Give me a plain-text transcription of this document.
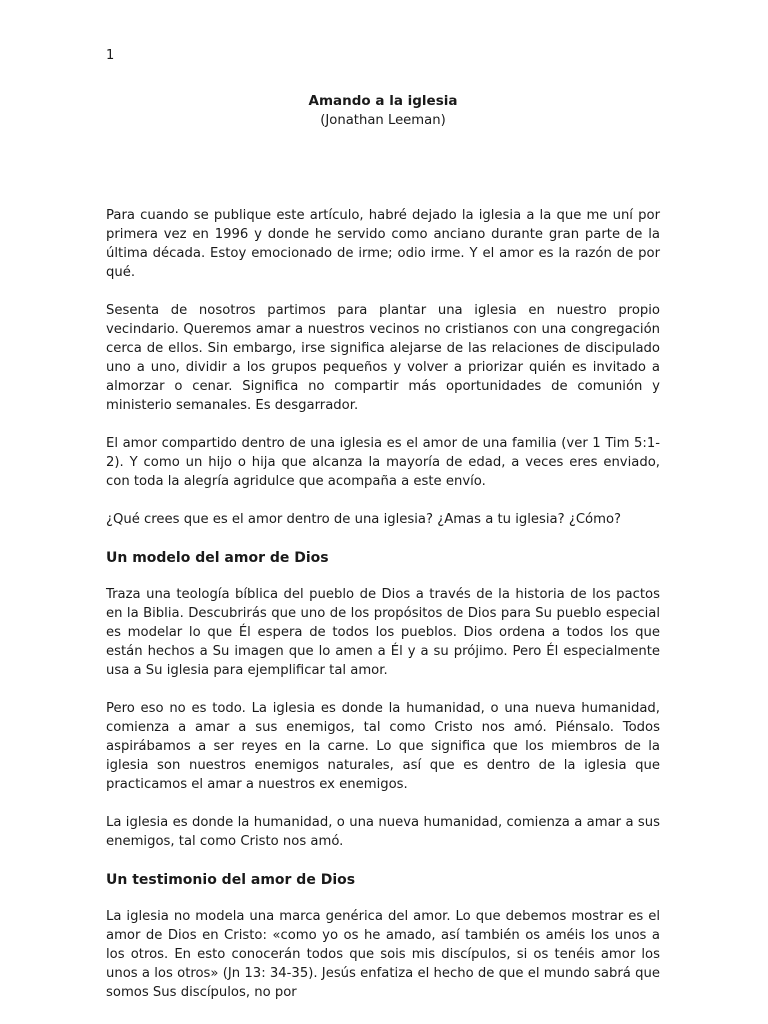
1
Amando a la iglesia
(Jonathan Leeman)

Para cuando se publique este artículo, habré dejado la iglesia a la que me uní por primera vez en 1996 y donde he servido como anciano durante gran parte de la última década. Estoy emocionado de irme; odio irme. Y el amor es la razón de por qué.

Sesenta de nosotros partimos para plantar una iglesia en nuestro propio vecindario. Queremos amar a nuestros vecinos no cristianos con una congregación cerca de ellos. Sin embargo, irse significa alejarse de las relaciones de discipulado uno a uno, dividir a los grupos pequeños y volver a priorizar quién es invitado a almorzar o cenar. Significa no compartir más oportunidades de comunión y ministerio semanales. Es desgarrador.

El amor compartido dentro de una iglesia es el amor de una familia (ver 1 Tim 5:1-2). Y como un hijo o hija que alcanza la mayoría de edad, a veces eres enviado, con toda la alegría agridulce que acompaña a este envío.

¿Qué crees que es el amor dentro de una iglesia? ¿Amas a tu iglesia? ¿Cómo?

Un modelo del amor de Dios

Traza una teología bíblica del pueblo de Dios a través de la historia de los pactos en la Biblia. Descubrirás que uno de los propósitos de Dios para Su pueblo especial es modelar lo que Él espera de todos los pueblos. Dios ordena a todos los que están hechos a Su imagen que lo amen a Él y a su prójimo. Pero Él especialmente usa a Su iglesia para ejemplificar tal amor.

Pero eso no es todo. La iglesia es donde la humanidad, o una nueva humanidad, comienza a amar a sus enemigos, tal como Cristo nos amó. Piénsalo. Todos aspirábamos a ser reyes en la carne. Lo que significa que los miembros de la iglesia son nuestros enemigos naturales, así que es dentro de la iglesia que practicamos el amar a nuestros ex enemigos.

La iglesia es donde la humanidad, o una nueva humanidad, comienza a amar a sus enemigos, tal como Cristo nos amó.

Un testimonio del amor de Dios

La iglesia no modela una marca genérica del amor. Lo que debemos mostrar es el amor de Dios en Cristo: «como yo os he amado, así también os améis los unos a los otros. En esto conocerán todos que sois mis discípulos, si os tenéis amor los unos a los otros» (Jn 13: 34-35). Jesús enfatiza el hecho de que el mundo sabrá que somos Sus discípulos, no por
